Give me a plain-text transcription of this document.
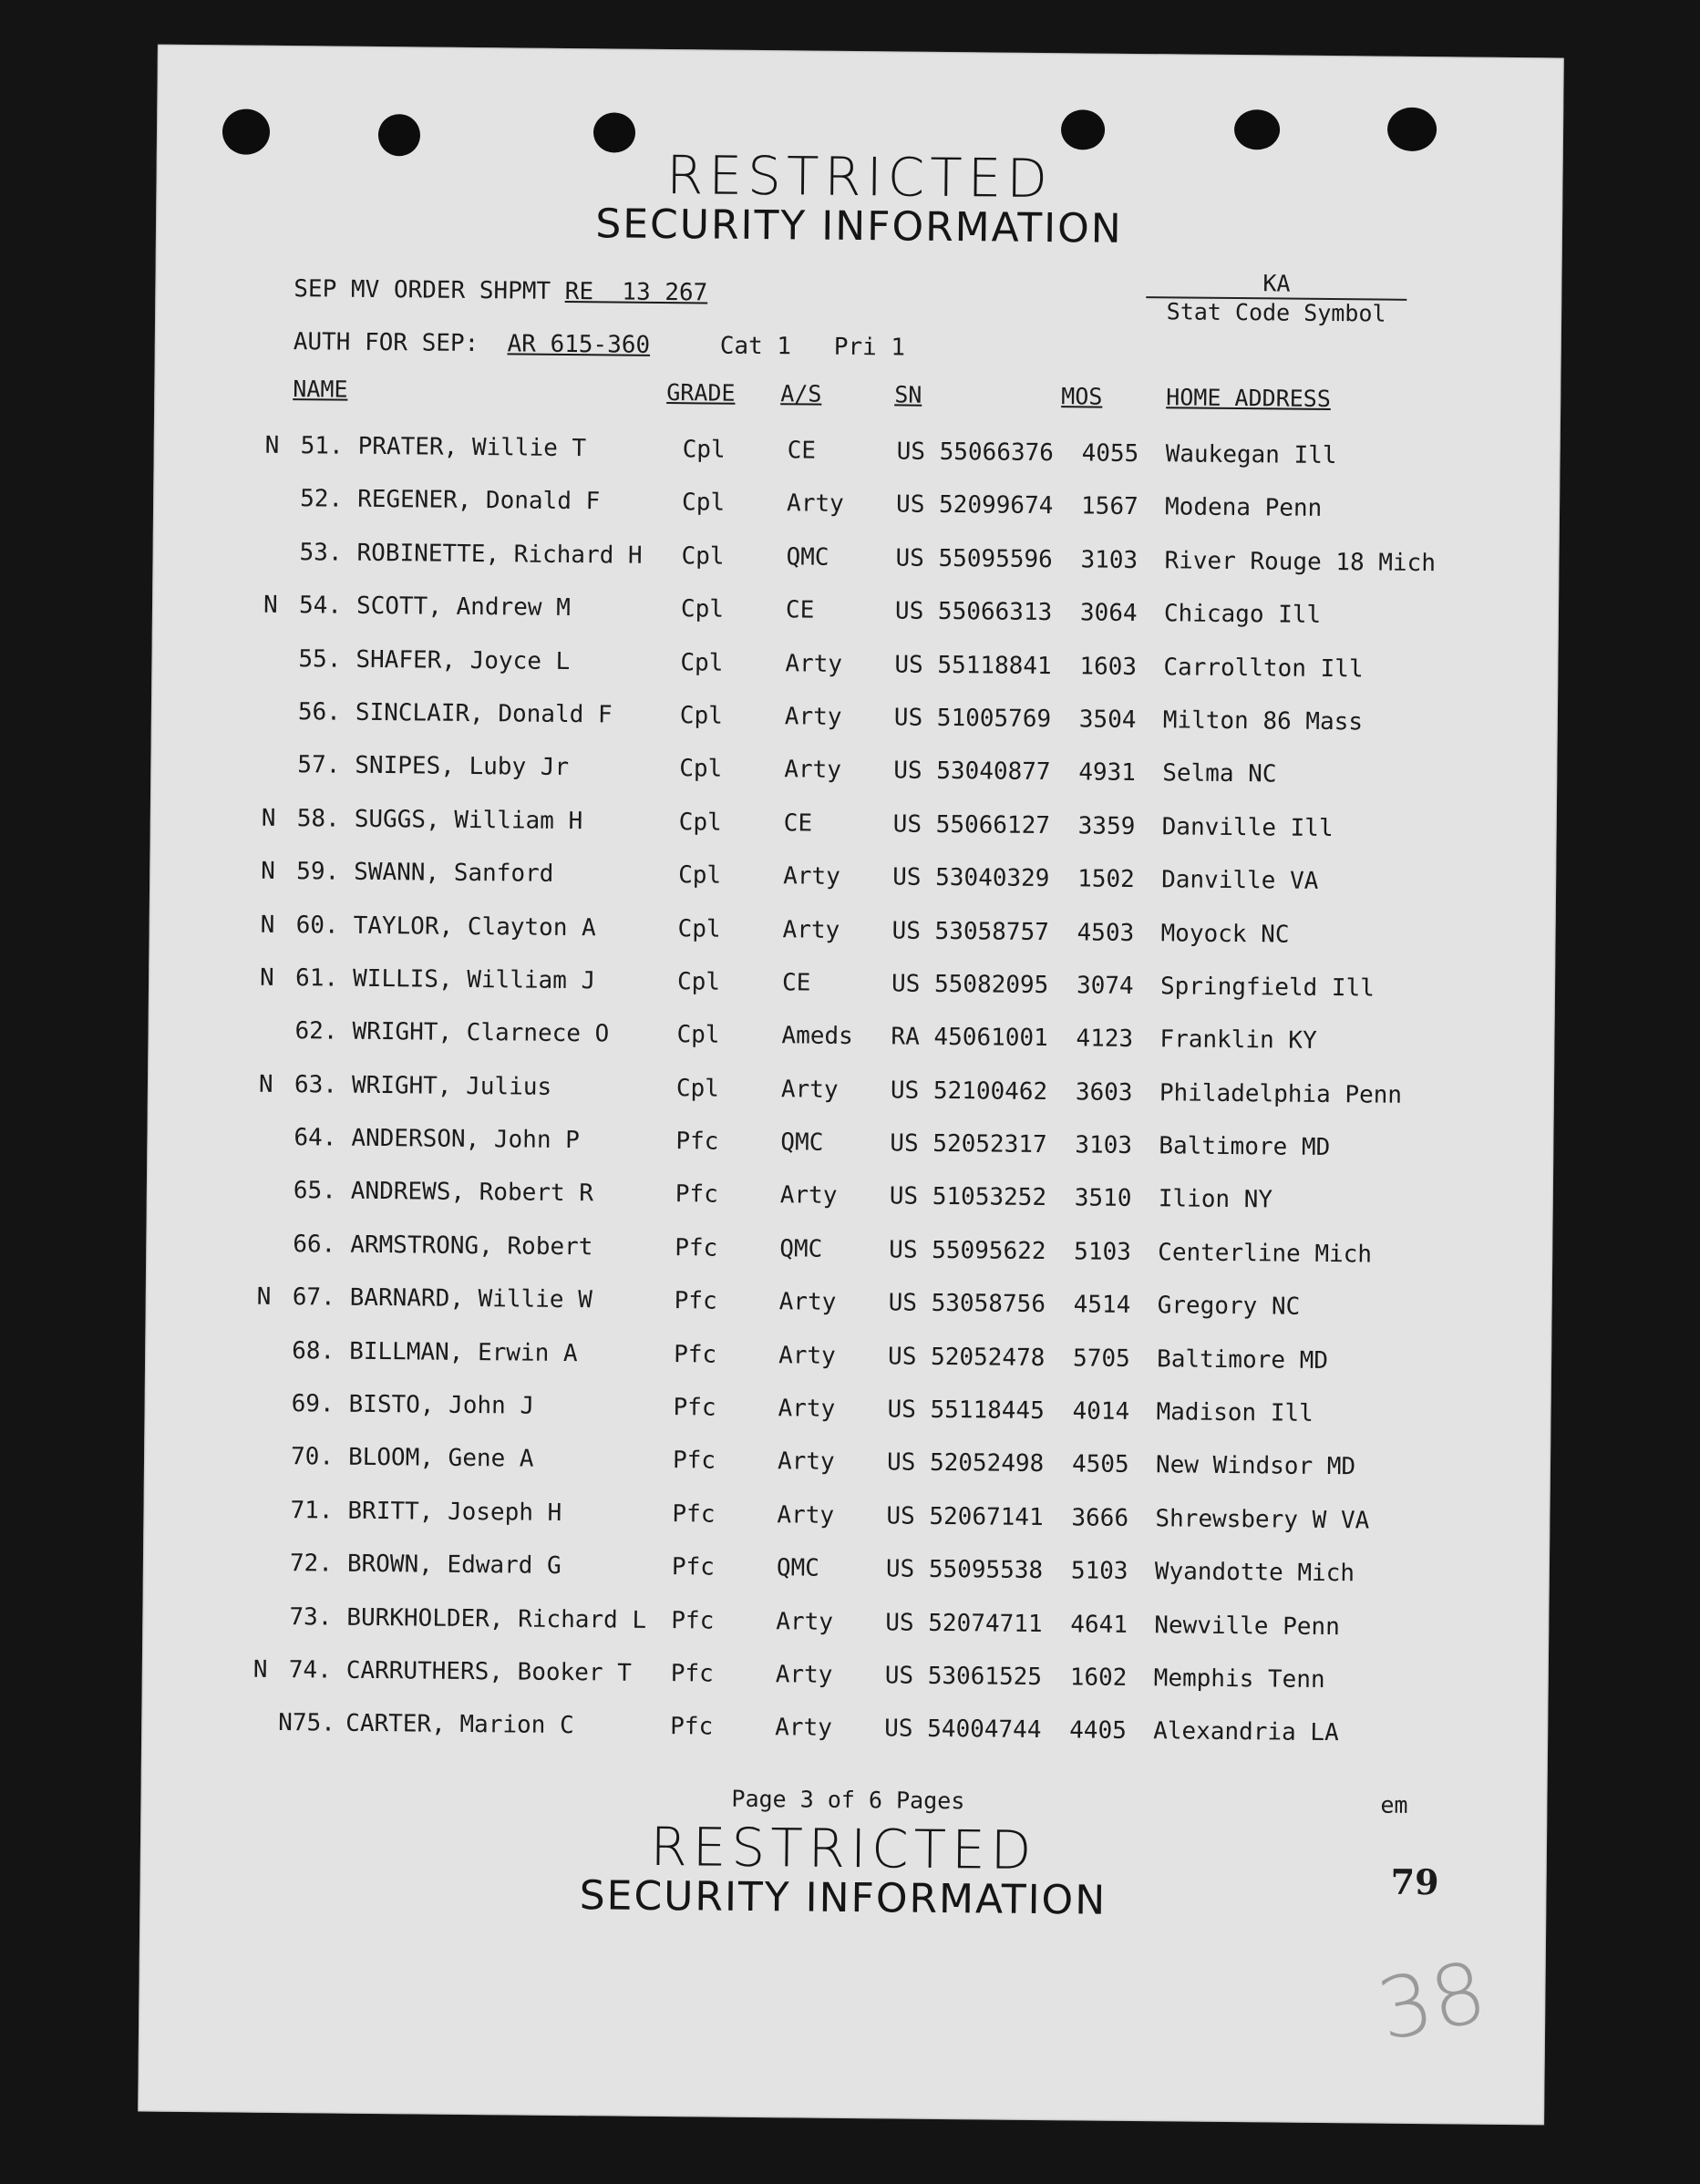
RESTRICTED
SECURITY INFORMATION
SEP MV ORDER SHPMT RE  13 267
AUTH FOR SEP:  AR 615-360	Cat 1 Pri 1
KA
Stat Code Symbol
NAME	GRADE A/S	SN	MOS	HOME ADDRESS
N 51. PRATER, Willie T	Cpl	CE	US 55066376 4055 Waukegan Ill
52. REGENER, Donald F	Cpl	Arty US 52099674 1567 Modena Penn
53. ROBINETTE, Richard H Cpl	QMC	US 55095596 3103 River Rouge 18 Mich
N 54. SCOTT, Andrew M	Cpl	CE	US 55066313 3064 Chicago Ill
55. SHAFER, Joyce L	Cpl	Arty US 55118841 1603 Carrollton Ill
56. SINCLAIR, Donald F	Cpl	Arty US 51005769 3504 Milton 86 Mass
57. SNIPES, Luby Jr	Cpl	Arty US 53040877 4931 Selma NC
N 58. SUGGS, William H	Cpl	CE	US 55066127 3359 Danville Ill
N 59. SWANN, Sanford	Cpl	Arty US 53040329 1502 Danville VA
N 60. TAYLOR, Clayton A	Cpl	Arty US 53058757 4503 Moyock NC
N 61. WILLIS, William J	Cpl	CE	US 55082095 3074 Springfield Ill
62. WRIGHT, Clarnece O	Cpl	Ameds RA 45061001 4123 Franklin KY
N 63. WRIGHT, Julius	Cpl	Arty US 52100462 3603 Philadelphia Penn
64. ANDERSON, John P	Pfc	QMC	US 52052317 3103 Baltimore MD
65. ANDREWS, Robert R	Pfc	Arty US 51053252 3510 Ilion NY
66. ARMSTRONG, Robert	Pfc	QMC	US 55095622 5103 Centerline Mich
N 67. BARNARD, Willie W	Pfc	Arty US 53058756 4514 Gregory NC
68. BILLMAN, Erwin A	Pfc	Arty US 52052478 5705 Baltimore MD
69. BISTO, John J	Pfc	Arty US 55118445 4014 Madison Ill
70. BLOOM, Gene A	Pfc	Arty US 52052498 4505 New Windsor MD
71. BRITT, Joseph H	Pfc	Arty US 52067141 3666 Shrewsbery W VA
72. BROWN, Edward G	Pfc	QMC	US 55095538 5103 Wyandotte Mich
73. BURKHOLDER, Richard L Pfc	Arty US 52074711 4641 Newville Penn
N 74. CARRUTHERS, Booker T Pfc	Arty US 53061525 1602 Memphis Tenn
N75. CARTER, Marion C	Pfc	Arty US 54004744 4405 Alexandria LA
Page 3 of 6 Pages	em
RESTRICTED
SECURITY INFORMATION	79
38
